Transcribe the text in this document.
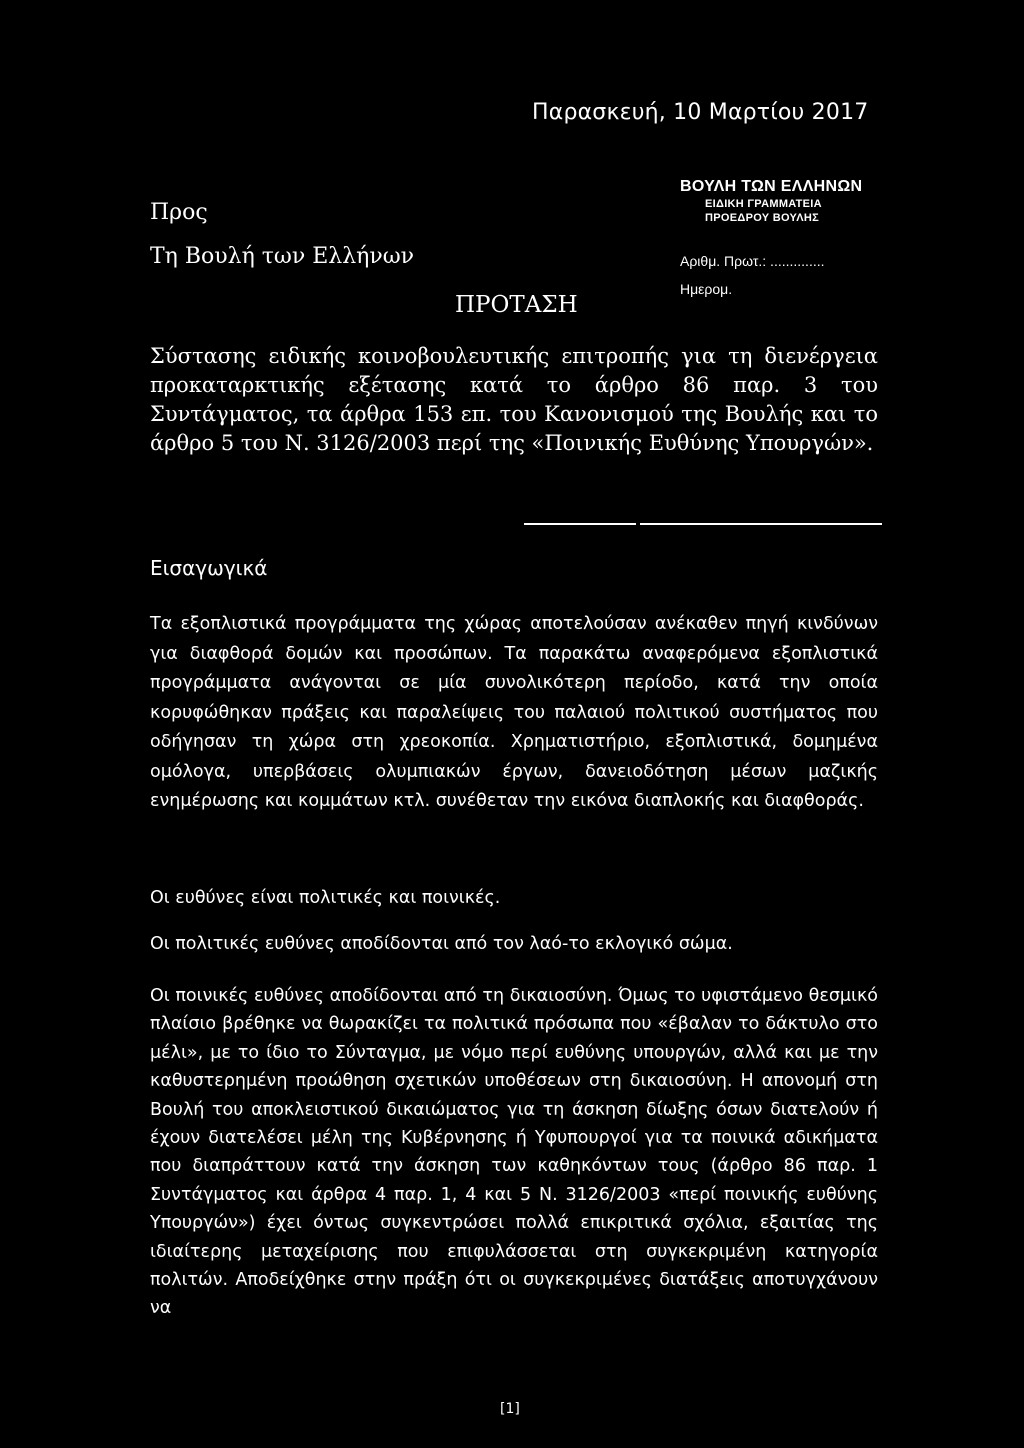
Παρασκευή, 10 Μαρτίου 2017
Προς
Τη Βουλή των Ελλήνων
ΒΟΥΛΗ ΤΩΝ ΕΛΛΗΝΩΝ
ΕΙΔΙΚΗ ΓΡΑΜΜΑΤΕΙΑ
ΠΡΟΕΔΡΟΥ ΒΟΥΛΗΣ
Αριθμ. Πρωτ.: ..............
Ημερομ.
ΠΡΟΤΑΣΗ
Σύστασης ειδικής κοινοβουλευτικής επιτροπής για τη διενέργεια προκαταρκτικής εξέτασης κατά το άρθρο 86 παρ. 3 του Συντάγματος, τα άρθρα 153 επ. του Κανονισμού της Βουλής και το άρθρο 5 του Ν. 3126/2003 περί της «Ποινικής Ευθύνης Υπουργών».
Εισαγωγικά
Τα εξοπλιστικά προγράμματα της χώρας αποτελούσαν ανέκαθεν πηγή κινδύνων για διαφθορά δομών και προσώπων. Τα παρακάτω αναφερόμενα εξοπλιστικά προγράμματα ανάγονται σε μία συνολικότερη περίοδο, κατά την οποία κορυφώθηκαν πράξεις και παραλείψεις του παλαιού πολιτικού συστήματος που οδήγησαν τη χώρα στη χρεοκοπία. Χρηματιστήριο, εξοπλιστικά, δομημένα ομόλογα, υπερβάσεις ολυμπιακών έργων, δανειοδότηση μέσων μαζικής ενημέρωσης και κομμάτων κτλ. συνέθεταν την εικόνα διαπλοκής και διαφθοράς.
Οι ευθύνες είναι πολιτικές και ποινικές.
Οι πολιτικές ευθύνες αποδίδονται από τον λαό-το εκλογικό σώμα.
Οι ποινικές ευθύνες αποδίδονται από τη δικαιοσύνη. Όμως το υφιστάμενο θεσμικό πλαίσιο βρέθηκε να θωρακίζει τα πολιτικά πρόσωπα που «έβαλαν το δάκτυλο στο μέλι», με το ίδιο το Σύνταγμα, με νόμο περί ευθύνης υπουργών, αλλά και με την καθυστερημένη προώθηση σχετικών υποθέσεων στη δικαιοσύνη. Η απονομή στη Βουλή του αποκλειστικού δικαιώματος για τη άσκηση δίωξης όσων διατελούν ή έχουν διατελέσει μέλη της Κυβέρνησης ή Υφυπουργοί για τα ποινικά αδικήματα που διαπράττουν κατά την άσκηση των καθηκόντων τους (άρθρο 86 παρ. 1 Συντάγματος και άρθρα 4 παρ. 1, 4 και 5 Ν. 3126/2003 «περί ποινικής ευθύνης Υπουργών») έχει όντως συγκεντρώσει πολλά επικριτικά σχόλια, εξαιτίας της ιδιαίτερης μεταχείρισης που επιφυλάσσεται στη συγκεκριμένη κατηγορία πολιτών. Αποδείχθηκε στην πράξη ότι οι συγκεκριμένες διατάξεις αποτυγχάνουν να
[1]
